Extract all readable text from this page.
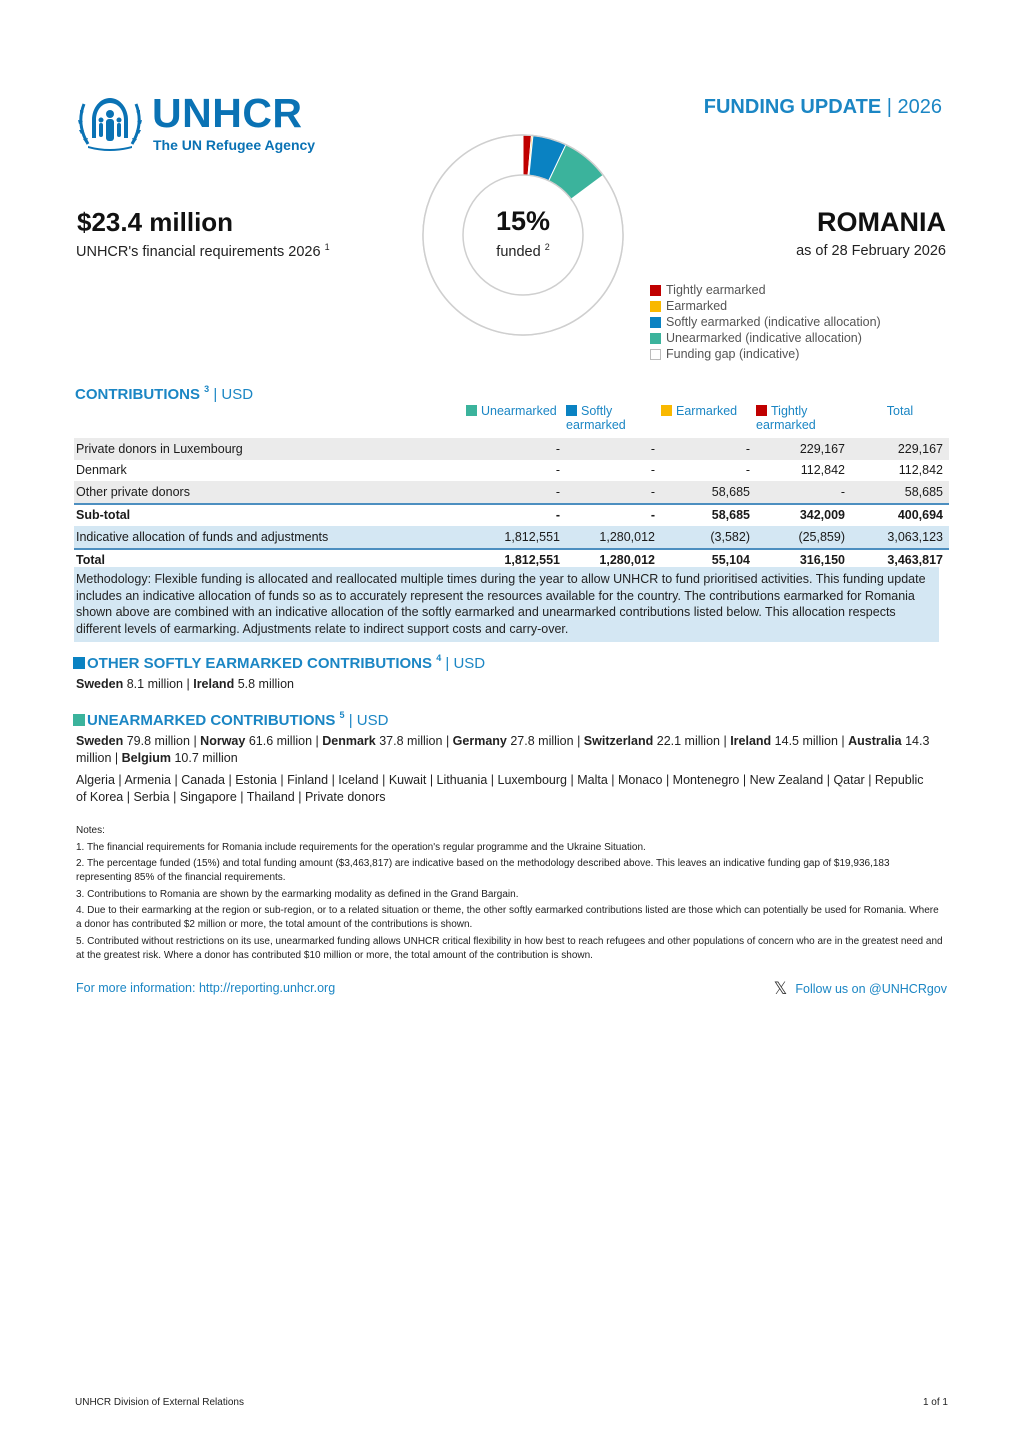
UNHCR
The UN Refugee Agency
FUNDING UPDATE | 2026
$23.4 million
UNHCR's financial requirements 2026 $^1$
ROMANIA
as of 28 February 2026
15%
funded $^2$
Tightly earmarked
Earmarked
Softly earmarked (indicative allocation)
Unearmarked (indicative allocation)
Funding gap (indicative)
CONTRIBUTIONS $^3$ | USD
	Unearmarked	Softly earmarked	Earmarked	Tightly earmarked	Total
Private donors in Luxembourg	-	-	-	229,167	229,167
Denmark	-	-	-	112,842	112,842
Other private donors	-	-	58,685	-	58,685
Sub-total	-	-	58,685	342,009	400,694
Indicative allocation of funds and adjustments	1,812,551	1,280,012	(3,582)	(25,859)	3,063,123
Total	1,812,551	1,280,012	55,104	316,150	3,463,817
Methodology: Flexible funding is allocated and reallocated multiple times during the year to allow UNHCR to fund prioritised activities. This funding update includes an indicative allocation of funds so as to accurately represent the resources available for the country. The contributions earmarked for Romania shown above are combined with an indicative allocation of the softly earmarked and unearmarked contributions listed below. This allocation respects different levels of earmarking. Adjustments relate to indirect support costs and carry-over.
OTHER SOFTLY EARMARKED CONTRIBUTIONS $^4$ | USD
Sweden 8.1 million | Ireland 5.8 million
UNEARMARKED CONTRIBUTIONS $^5$ | USD
Sweden 79.8 million | Norway 61.6 million | Denmark 37.8 million | Germany 27.8 million | Switzerland 22.1 million | Ireland 14.5 million | Australia 14.3 million | Belgium 10.7 million
Algeria | Armenia | Canada | Estonia | Finland | Iceland | Kuwait | Lithuania | Luxembourg | Malta | Monaco | Montenegro | New Zealand | Qatar | Republic of Korea | Serbia | Singapore | Thailand | Private donors
Notes:
1. The financial requirements for Romania include requirements for the operation's regular programme and the Ukraine Situation.
2. The percentage funded (15%) and total funding amount ($3,463,817) are indicative based on the methodology described above. This leaves an indicative funding gap of $19,936,183 representing 85% of the financial requirements.
3. Contributions to Romania are shown by the earmarking modality as defined in the Grand Bargain.
4. Due to their earmarking at the region or sub-region, or to a related situation or theme, the other softly earmarked contributions listed are those which can potentially be used for Romania. Where a donor has contributed $2 million or more, the total amount of the contributions is shown.
5. Contributed without restrictions on its use, unearmarked funding allows UNHCR critical flexibility in how best to reach refugees and other populations of concern who are in the greatest need and at the greatest risk. Where a donor has contributed $10 million or more, the total amount of the contribution is shown.
For more information: http://reporting.unhcr.org	𝕏 Follow us on @UNHCRgov
UNHCR Division of External Relations	1 of 1
